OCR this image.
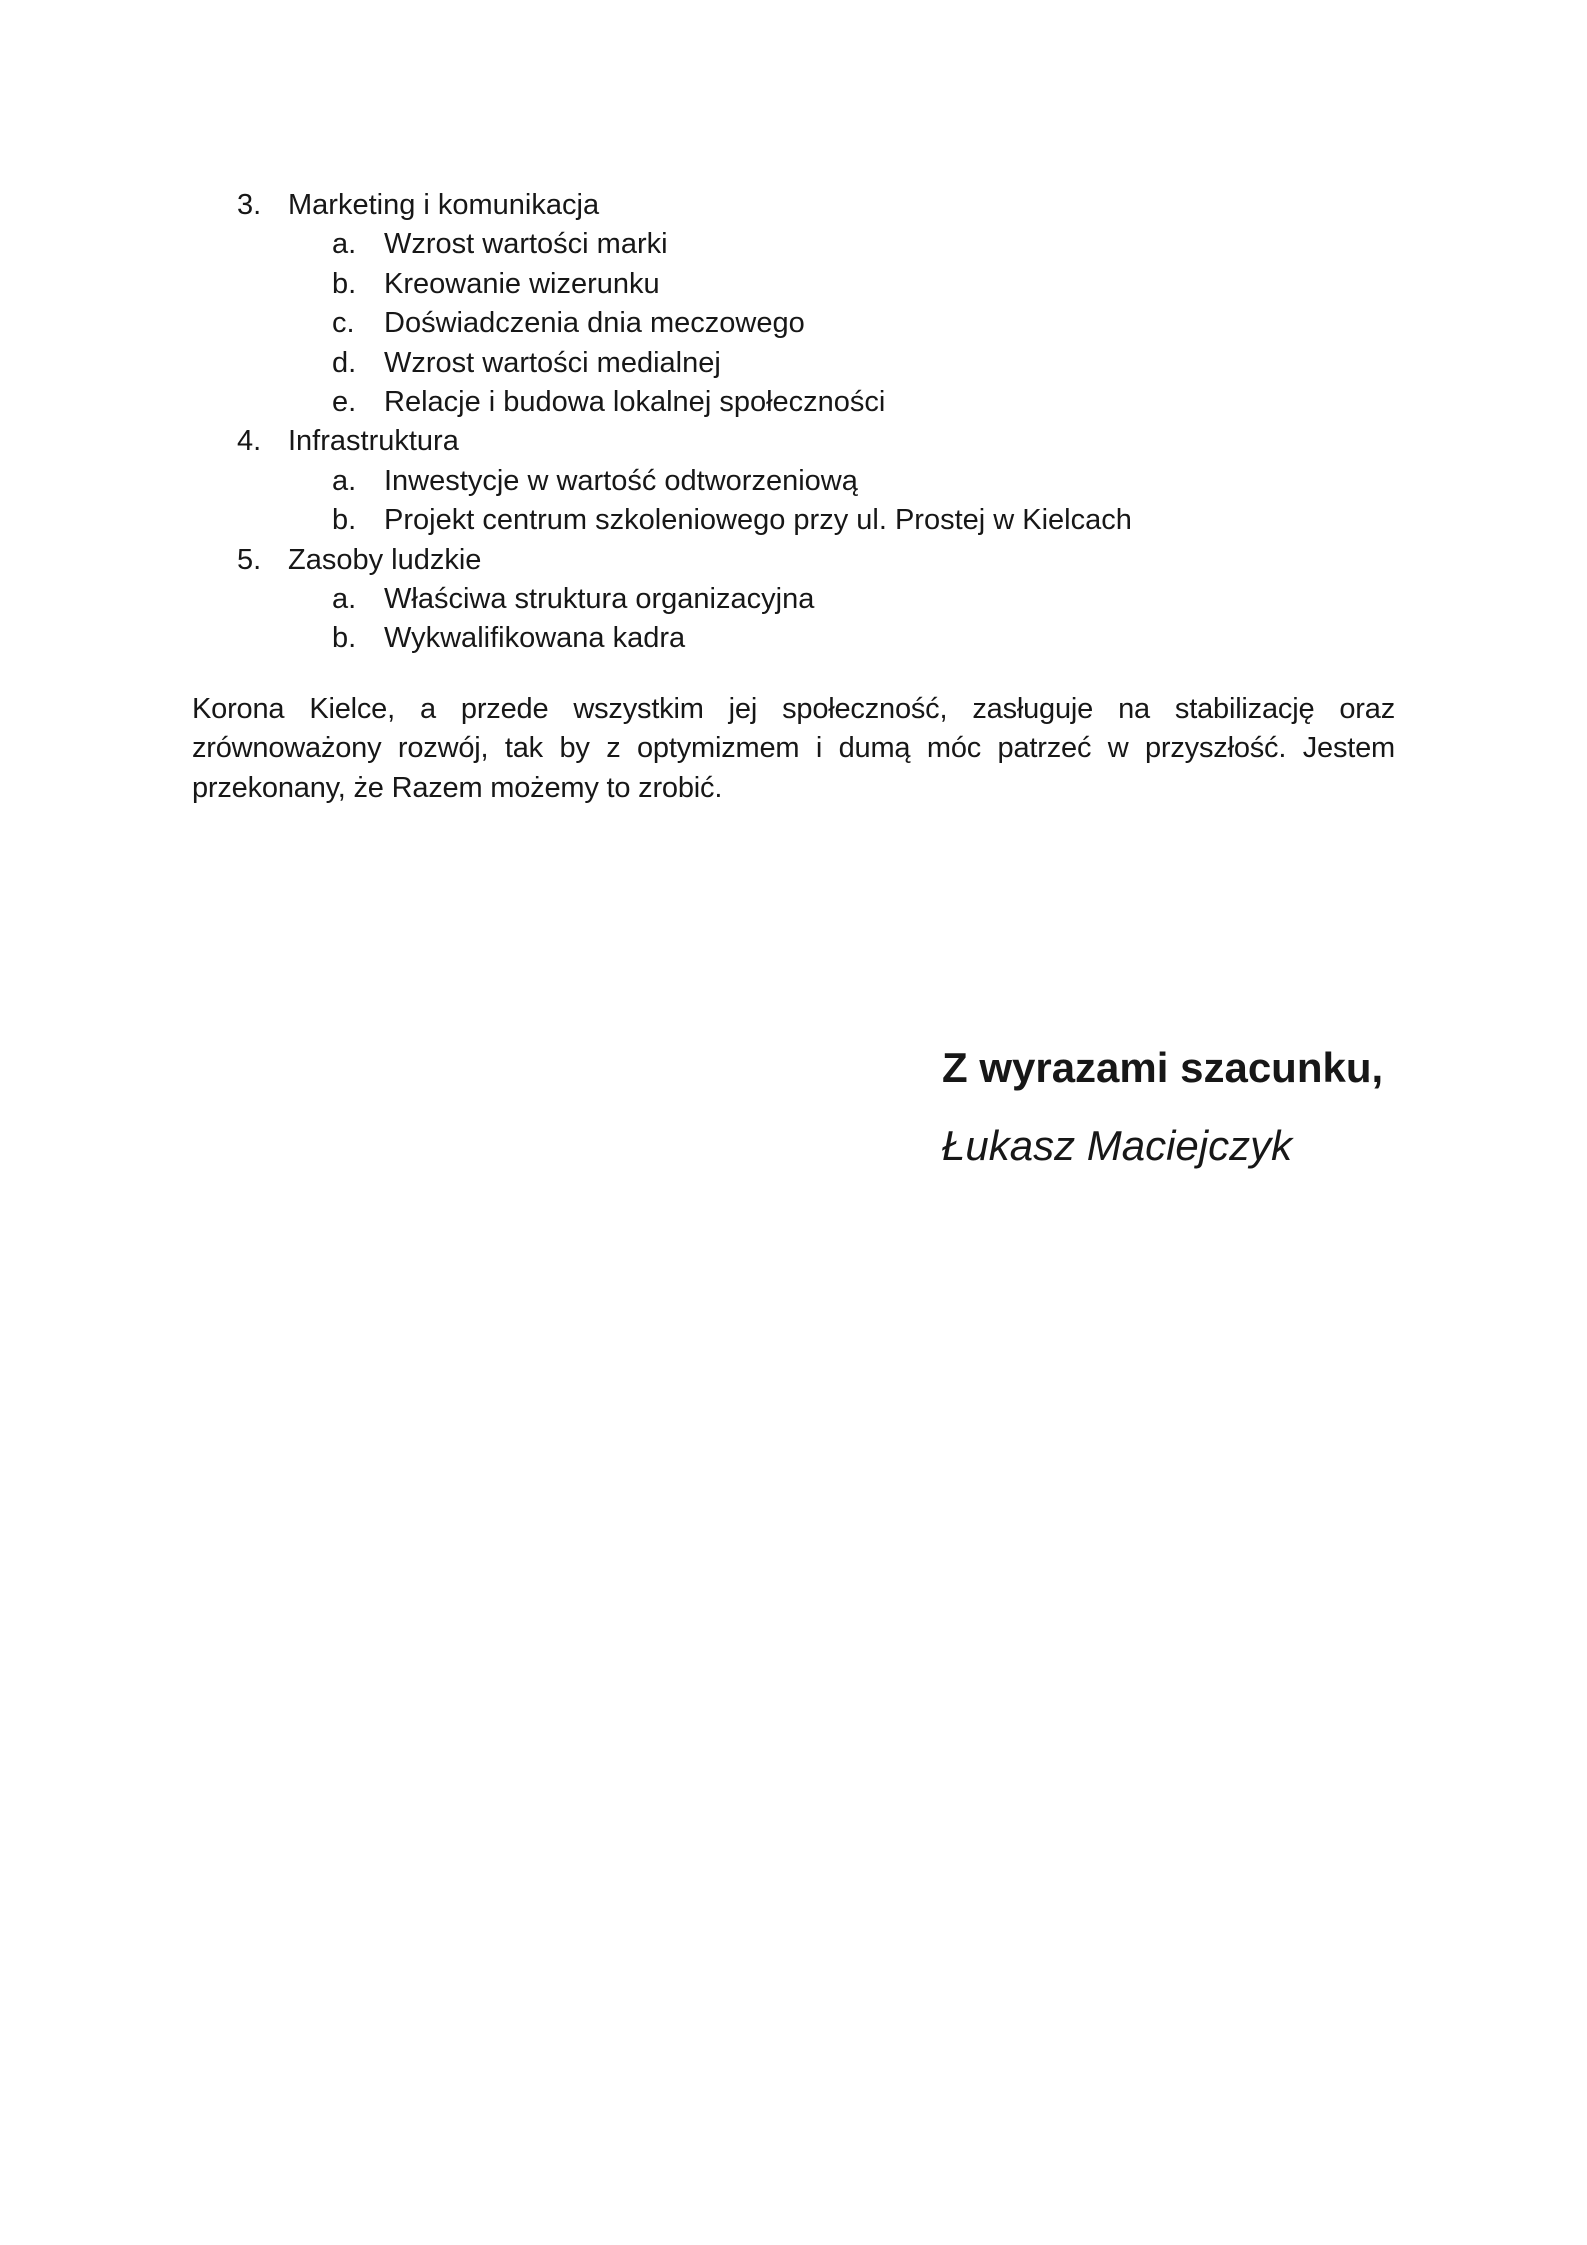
3. Marketing i komunikacja
a. Wzrost wartości marki
b. Kreowanie wizerunku
c. Doświadczenia dnia meczowego
d. Wzrost wartości medialnej
e. Relacje i budowa lokalnej społeczności
4. Infrastruktura
a. Inwestycje w wartość odtworzeniową
b. Projekt centrum szkoleniowego przy ul. Prostej w Kielcach
5. Zasoby ludzkie
a. Właściwa struktura organizacyjna
b. Wykwalifikowana kadra
Korona Kielce, a przede wszystkim jej społeczność, zasługuje na stabilizację oraz
zrównoważony rozwój, tak by z optymizmem i dumą móc patrzeć w przyszłość. Jestem
przekonany, że Razem możemy to zrobić.
Z wyrazami szacunku,
Łukasz Maciejczyk
